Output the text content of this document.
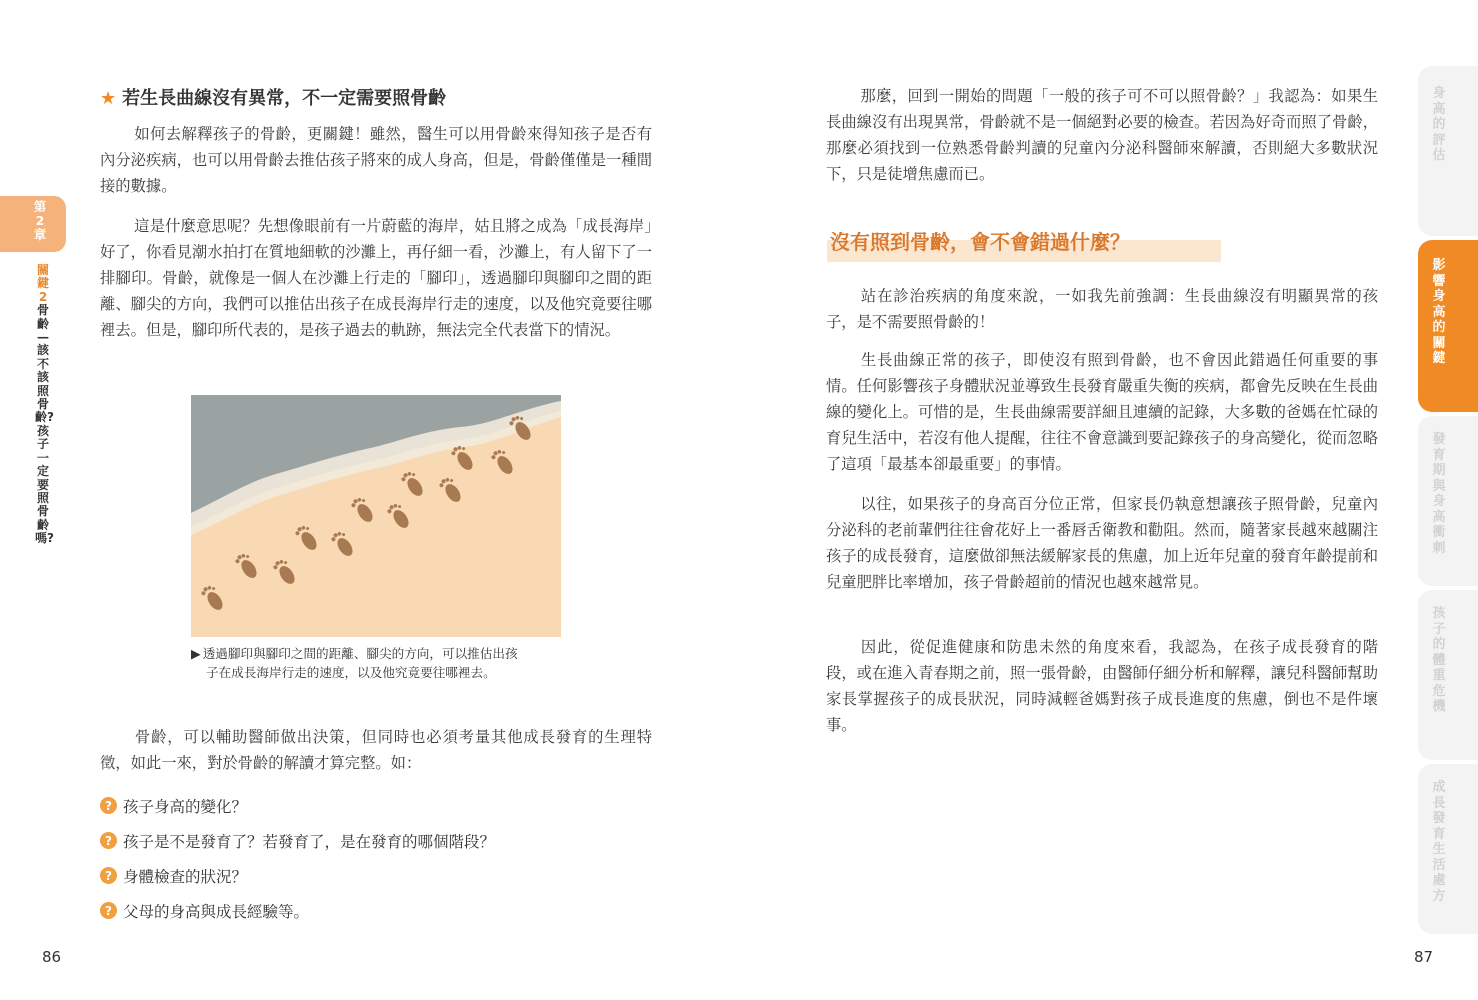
第2章
關鍵2骨齡—該不該照骨齡?孩子一定要照骨齡嗎?
★ 若生長曲線沒有異常，不一定需要照骨齡
如何去解釋孩子的骨齡，更關鍵！雖然，醫生可以用骨齡來得知孩子是否有內分泌疾病，也可以用骨齡去推估孩子將來的成人身高，但是，骨齡僅僅是一種間接的數據。
這是什麼意思呢？先想像眼前有一片蔚藍的海岸，姑且將之成為「成長海岸」好了，你看見潮水拍打在質地細軟的沙灘上，再仔細一看，沙灘上，有人留下了一排腳印。骨齡，就像是一個人在沙灘上行走的「腳印」，透過腳印與腳印之間的距離、腳尖的方向，我們可以推估出孩子在成長海岸行走的速度，以及他究竟要往哪裡去。但是，腳印所代表的，是孩子過去的軌跡，無法完全代表當下的情況。
▶ 透過腳印與腳印之間的距離、腳尖的方向，可以推估出孩
子在成長海岸行走的速度，以及他究竟要往哪裡去。
骨齡，可以輔助醫師做出決策，但同時也必須考量其他成長發育的生理特徵，如此一來，對於骨齡的解讀才算完整。如：
? 孩子身高的變化？
? 孩子是不是發育了？若發育了，是在發育的哪個階段？
? 身體檢查的狀況？
? 父母的身高與成長經驗等。
86
那麼，回到一開始的問題「一般的孩子可不可以照骨齡？」我認為：如果生長曲線沒有出現異常，骨齡就不是一個絕對必要的檢查。若因為好奇而照了骨齡，那麼必須找到一位熟悉骨齡判讀的兒童內分泌科醫師來解讀，否則絕大多數狀況下，只是徒增焦慮而已。
沒有照到骨齡，會不會錯過什麼？
站在診治疾病的角度來說，一如我先前強調：生長曲線沒有明顯異常的孩子，是不需要照骨齡的！
生長曲線正常的孩子，即使沒有照到骨齡，也不會因此錯過任何重要的事情。任何影響孩子身體狀況並導致生長發育嚴重失衡的疾病，都會先反映在生長曲線的變化上。可惜的是，生長曲線需要詳細且連續的記錄，大多數的爸媽在忙碌的育兒生活中，若沒有他人提醒，往往不會意識到要記錄孩子的身高變化，從而忽略了這項「最基本卻最重要」的事情。
以往，如果孩子的身高百分位正常，但家長仍執意想讓孩子照骨齡，兒童內分泌科的老前輩們往往會花好上一番唇舌衛教和勸阻。然而，隨著家長越來越關注孩子的成長發育，這麼做卻無法緩解家長的焦慮，加上近年兒童的發育年齡提前和兒童肥胖比率增加，孩子骨齡超前的情況也越來越常見。
因此，從促進健康和防患未然的角度來看，我認為，在孩子成長發育的階段，或在進入青春期之前，照一張骨齡，由醫師仔細分析和解釋，讓兒科醫師幫助家長掌握孩子的成長狀況，同時減輕爸媽對孩子成長進度的焦慮，倒也不是件壞事。
身高的評估
影響身高的關鍵
發育期與身高衝刺
孩子的體重危機
成長發育生活處方
87
